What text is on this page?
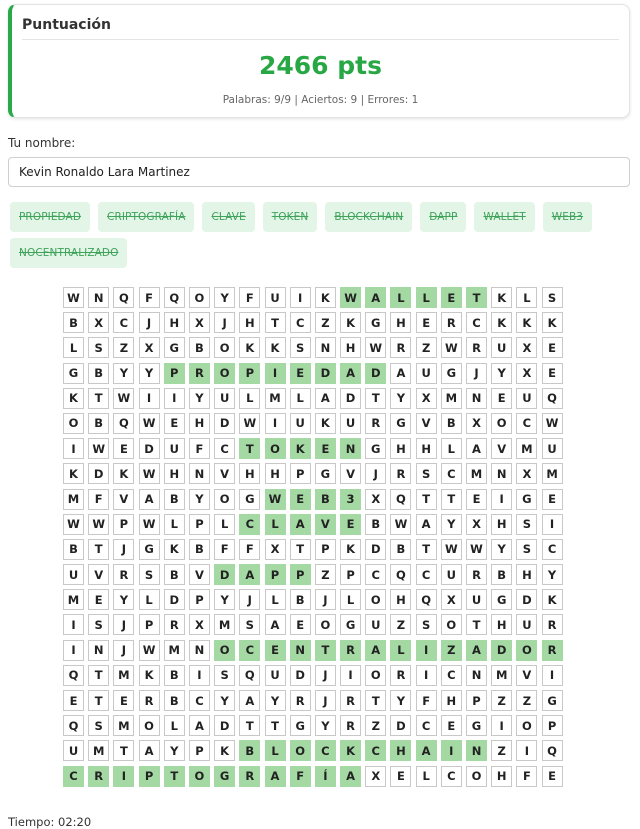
Puntuación
2466 pts
Palabras: 9/9 | Aciertos: 9 | Errores: 1
Tu nombre:
Kevin Ronaldo Lara Martinez
PROPIEDAD	CRIPTOGRAFÍA	CLAVE	TOKEN	BLOCKCHAIN	DAPP	WALLET	WEB3
NOCENTRALIZADO
W	N	Q	F	Q	O	Y	F	U	I	K	W	A	L	L	E	T	K	L	S
B	X	C	J	H	X	J	H	T	C	Z	K	G	H	E	R	C	K	K	K
L	S	Z	X	G	B	O	K	K	S	N	H	W	R	Z	W	R	U	X	E
G	B	Y	Y	P	R	O	P	I	E	D	A	D	A	U	G	J	Y	X	E
K	T	W	I	I	Y	U	L	M	L	A	D	T	Y	X	M	N	E	U	Q
O	B	Q	W	E	H	D	W	I	U	K	U	R	G	V	B	X	O	C	W
I	W	E	D	U	F	C	T	O	K	E	N	G	H	H	L	A	V	M	U
K	D	K	W	H	N	V	H	H	P	G	V	J	R	S	C	M	N	X	M
M	F	V	A	B	Y	O	G	W	E	B	3	X	Q	T	T	E	I	G	E
W	W	P	W	L	P	L	C	L	A	V	E	B	W	A	Y	X	H	S	I
B	T	J	G	K	B	F	F	X	T	P	K	D	B	T	W	W	Y	S	C
U	V	R	S	B	V	D	A	P	P	Z	P	C	Q	C	U	R	B	H	Y
M	E	Y	L	D	P	Y	J	L	B	J	L	O	H	Q	X	U	G	D	K
I	S	J	P	R	X	M	S	A	E	O	G	U	Z	S	O	T	H	U	R
I	N	J	W	M	N	O	C	E	N	T	R	A	L	I	Z	A	D	O	R
Q	T	M	K	B	I	S	Q	U	D	J	I	O	R	I	C	N	M	V	I
E	T	E	R	B	C	Y	A	Y	R	J	R	T	Y	F	H	P	Z	Z	G
Q	S	M	O	L	A	D	T	T	G	Y	R	Z	D	C	E	G	I	O	P
U	M	T	A	Y	P	K	B	L	O	C	K	C	H	A	I	N	Z	I	Q
C	R	I	P	T	O	G	R	A	F	Í	A	X	E	L	C	O	H	F	E
Tiempo: 02:20
